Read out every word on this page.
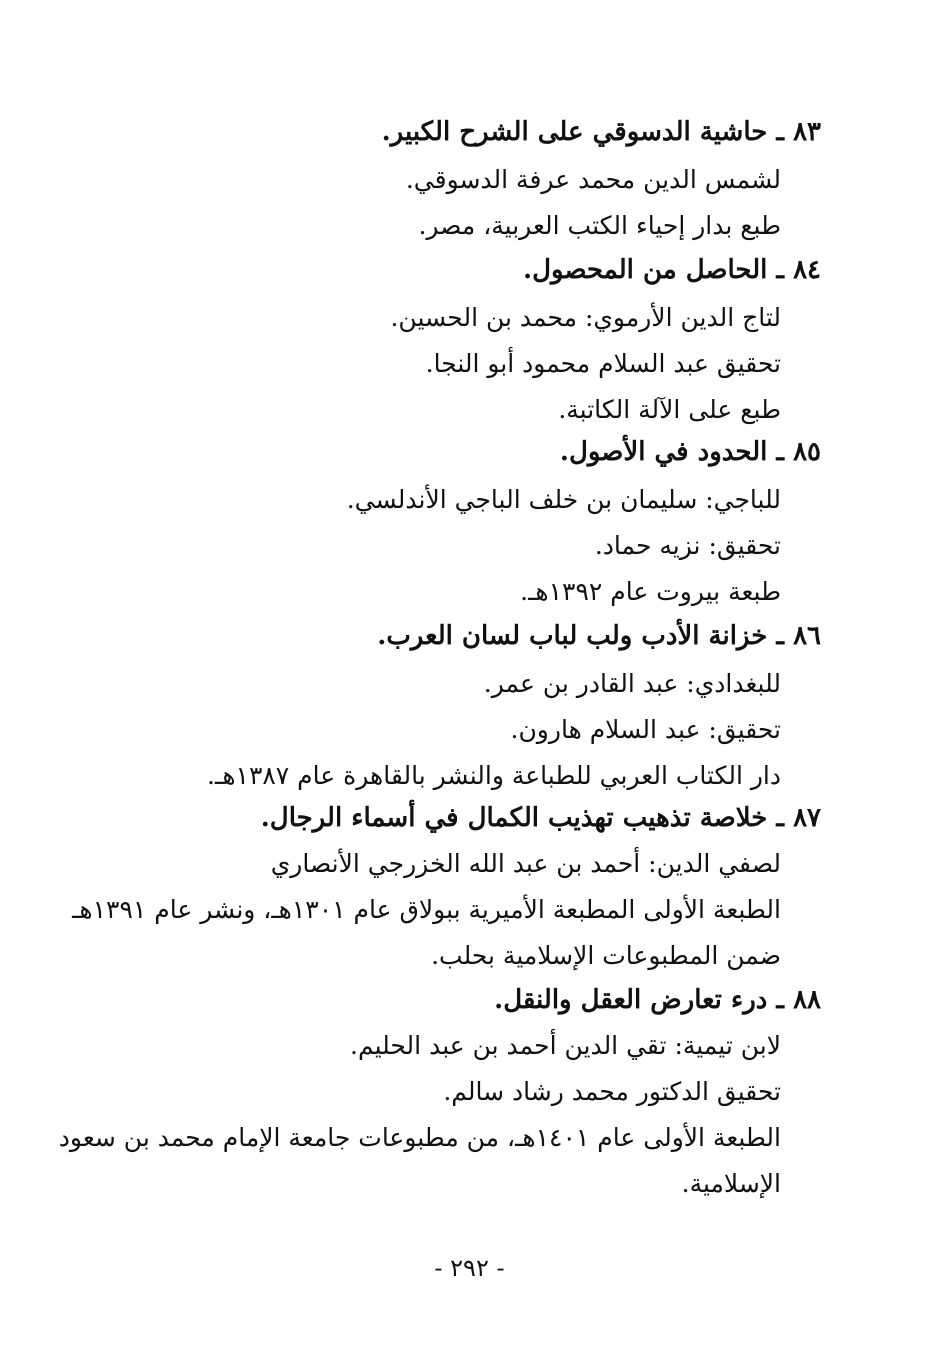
٨٣ ـ حاشية الدسوقي على الشرح الكبير.
لشمس الدين محمد عرفة الدسوقي.
طبع بدار إحياء الكتب العربية، مصر.
٨٤ ـ الحاصل من المحصول.
لتاج الدين الأرموي: محمد بن الحسين.
تحقيق عبد السلام محمود أبو النجا.
طبع على الآلة الكاتبة.
٨٥ ـ الحدود في الأصول.
للباجي: سليمان بن خلف الباجي الأندلسي.
تحقيق: نزيه حماد.
طبعة بيروت عام ١٣٩٢هـ.
٨٦ ـ خزانة الأدب ولب لباب لسان العرب.
للبغدادي: عبد القادر بن عمر.
تحقيق: عبد السلام هارون.
دار الكتاب العربي للطباعة والنشر بالقاهرة عام ١٣٨٧هـ.
٨٧ ـ خلاصة تذهيب تهذيب الكمال في أسماء الرجال.
لصفي الدين: أحمد بن عبد الله الخزرجي الأنصاري
الطبعة الأولى المطبعة الأميرية ببولاق عام ١٣٠١هـ، ونشر عام ١٣٩١هـ
ضمن المطبوعات الإسلامية بحلب.
٨٨ ـ درء تعارض العقل والنقل.
لابن تيمية: تقي الدين أحمد بن عبد الحليم.
تحقيق الدكتور محمد رشاد سالم.
الطبعة الأولى عام ١٤٠١هـ، من مطبوعات جامعة الإمام محمد بن سعود
الإسلامية.
- ٢٩٢ -
